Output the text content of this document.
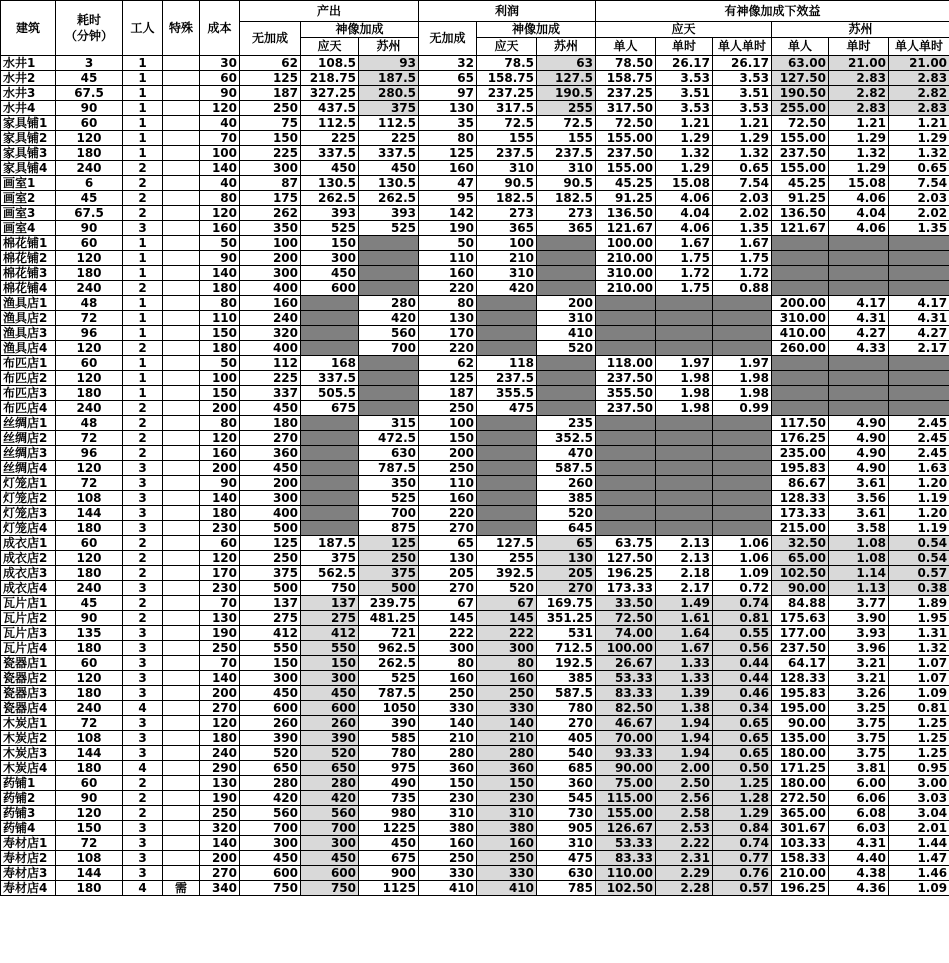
建筑	耗时
（分钟）	工人	特殊	成本	产出			利润			有神像加成下效益					
					无加成	神像加成		无加成	神像加成		应天			苏州		
						应天	苏州		应天	苏州	单人	单时	单人单时	单人	单时	单人单时
水井1	3	1		30	62	108.5	93	32	78.5	63	78.50	26.17	26.17	63.00	21.00	21.00
水井2	45	1		60	125	218.75	187.5	65	158.75	127.5	158.75	3.53	3.53	127.50	2.83	2.83
水井3	67.5	1		90	187	327.25	280.5	97	237.25	190.5	237.25	3.51	3.51	190.50	2.82	2.82
水井4	90	1		120	250	437.5	375	130	317.5	255	317.50	3.53	3.53	255.00	2.83	2.83
家具铺1	60	1		40	75	112.5	112.5	35	72.5	72.5	72.50	1.21	1.21	72.50	1.21	1.21
家具铺2	120	1		70	150	225	225	80	155	155	155.00	1.29	1.29	155.00	1.29	1.29
家具铺3	180	1		100	225	337.5	337.5	125	237.5	237.5	237.50	1.32	1.32	237.50	1.32	1.32
家具铺4	240	2		140	300	450	450	160	310	310	155.00	1.29	0.65	155.00	1.29	0.65
画室1	6	2		40	87	130.5	130.5	47	90.5	90.5	45.25	15.08	7.54	45.25	15.08	7.54
画室2	45	2		80	175	262.5	262.5	95	182.5	182.5	91.25	4.06	2.03	91.25	4.06	2.03
画室3	67.5	2		120	262	393	393	142	273	273	136.50	4.04	2.02	136.50	4.04	2.02
画室4	90	3		160	350	525	525	190	365	365	121.67	4.06	1.35	121.67	4.06	1.35
棉花铺1	60	1		50	100	150		50	100		100.00	1.67	1.67			
棉花铺2	120	1		90	200	300		110	210		210.00	1.75	1.75			
棉花铺3	180	1		140	300	450		160	310		310.00	1.72	1.72			
棉花铺4	240	2		180	400	600		220	420		210.00	1.75	0.88			
渔具店1	48	1		80	160		280	80		200				200.00	4.17	4.17
渔具店2	72	1		110	240		420	130		310				310.00	4.31	4.31
渔具店3	96	1		150	320		560	170		410				410.00	4.27	4.27
渔具店4	120	2		180	400		700	220		520				260.00	4.33	2.17
布匹店1	60	1		50	112	168		62	118		118.00	1.97	1.97			
布匹店2	120	1		100	225	337.5		125	237.5		237.50	1.98	1.98			
布匹店3	180	1		150	337	505.5		187	355.5		355.50	1.98	1.98			
布匹店4	240	2		200	450	675		250	475		237.50	1.98	0.99			
丝绸店1	48	2		80	180		315	100		235				117.50	4.90	2.45
丝绸店2	72	2		120	270		472.5	150		352.5				176.25	4.90	2.45
丝绸店3	96	2		160	360		630	200		470				235.00	4.90	2.45
丝绸店4	120	3		200	450		787.5	250		587.5				195.83	4.90	1.63
灯笼店1	72	3		90	200		350	110		260				86.67	3.61	1.20
灯笼店2	108	3		140	300		525	160		385				128.33	3.56	1.19
灯笼店3	144	3		180	400		700	220		520				173.33	3.61	1.20
灯笼店4	180	3		230	500		875	270		645				215.00	3.58	1.19
成衣店1	60	2		60	125	187.5	125	65	127.5	65	63.75	2.13	1.06	32.50	1.08	0.54
成衣店2	120	2		120	250	375	250	130	255	130	127.50	2.13	1.06	65.00	1.08	0.54
成衣店3	180	2		170	375	562.5	375	205	392.5	205	196.25	2.18	1.09	102.50	1.14	0.57
成衣店4	240	3		230	500	750	500	270	520	270	173.33	2.17	0.72	90.00	1.13	0.38
瓦片店1	45	2		70	137	137	239.75	67	67	169.75	33.50	1.49	0.74	84.88	3.77	1.89
瓦片店2	90	2		130	275	275	481.25	145	145	351.25	72.50	1.61	0.81	175.63	3.90	1.95
瓦片店3	135	3		190	412	412	721	222	222	531	74.00	1.64	0.55	177.00	3.93	1.31
瓦片店4	180	3		250	550	550	962.5	300	300	712.5	100.00	1.67	0.56	237.50	3.96	1.32
瓷器店1	60	3		70	150	150	262.5	80	80	192.5	26.67	1.33	0.44	64.17	3.21	1.07
瓷器店2	120	3		140	300	300	525	160	160	385	53.33	1.33	0.44	128.33	3.21	1.07
瓷器店3	180	3		200	450	450	787.5	250	250	587.5	83.33	1.39	0.46	195.83	3.26	1.09
瓷器店4	240	4		270	600	600	1050	330	330	780	82.50	1.38	0.34	195.00	3.25	0.81
木炭店1	72	3		120	260	260	390	140	140	270	46.67	1.94	0.65	90.00	3.75	1.25
木炭店2	108	3		180	390	390	585	210	210	405	70.00	1.94	0.65	135.00	3.75	1.25
木炭店3	144	3		240	520	520	780	280	280	540	93.33	1.94	0.65	180.00	3.75	1.25
木炭店4	180	4		290	650	650	975	360	360	685	90.00	2.00	0.50	171.25	3.81	0.95
药铺1	60	2		130	280	280	490	150	150	360	75.00	2.50	1.25	180.00	6.00	3.00
药铺2	90	2		190	420	420	735	230	230	545	115.00	2.56	1.28	272.50	6.06	3.03
药铺3	120	2		250	560	560	980	310	310	730	155.00	2.58	1.29	365.00	6.08	3.04
药铺4	150	3		320	700	700	1225	380	380	905	126.67	2.53	0.84	301.67	6.03	2.01
寿材店1	72	3		140	300	300	450	160	160	310	53.33	2.22	0.74	103.33	4.31	1.44
寿材店2	108	3		200	450	450	675	250	250	475	83.33	2.31	0.77	158.33	4.40	1.47
寿材店3	144	3		270	600	600	900	330	330	630	110.00	2.29	0.76	210.00	4.38	1.46
寿材店4	180	4	需	340	750	750	1125	410	410	785	102.50	2.28	0.57	196.25	4.36	1.09
